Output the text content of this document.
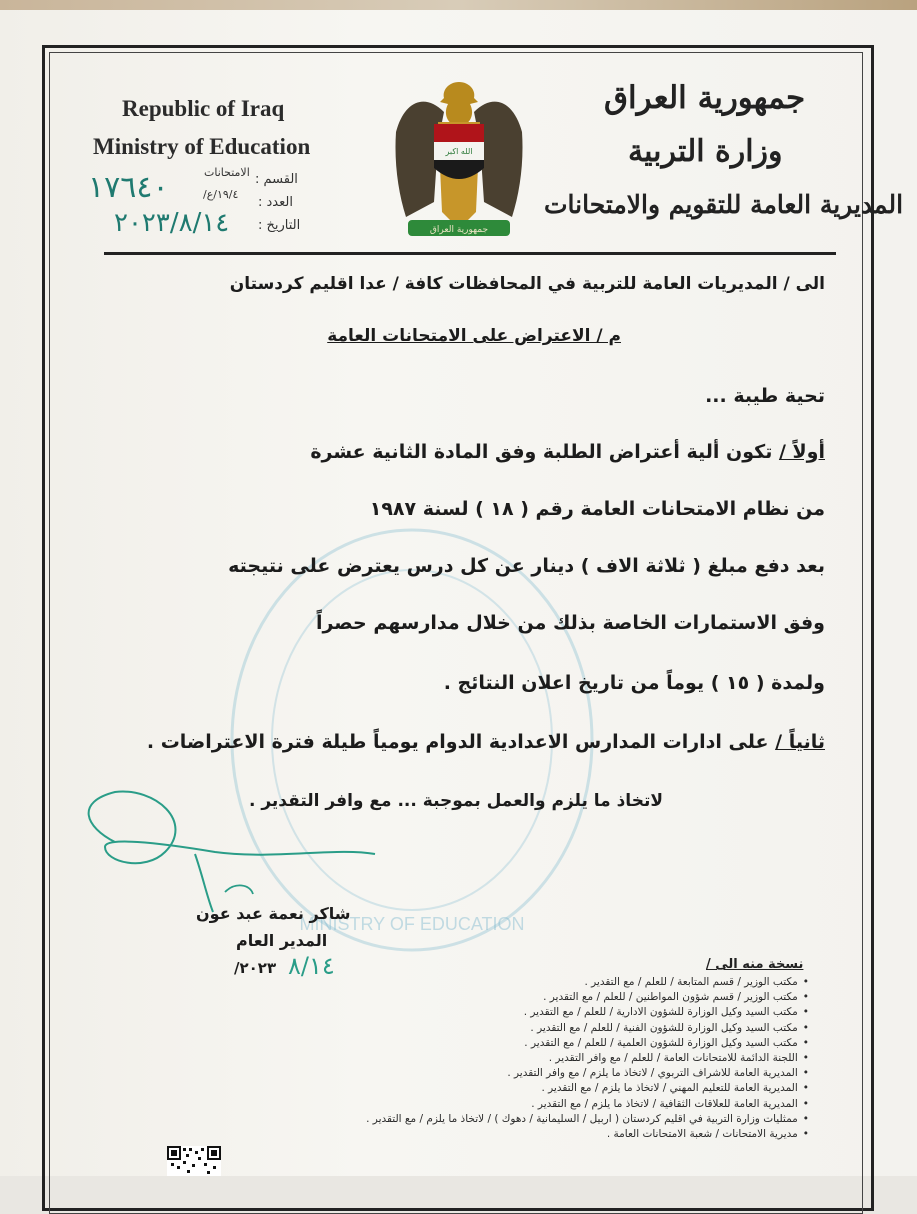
Republic of Iraq
Ministry of Education
القسم :
الامتحانات
العدد :
١٩/٤/ع/
١٧٦٤٠
التاريخ :
٢٠٢٣/٨/١٤
الله اكبر
جمهورية العراق
جمهورية العراق
وزارة التربية
المديرية العامة للتقويم والامتحانات
MINISTRY OF EDUCATION
الى / المديريات العامة للتربية في المحافظات كافة / عدا اقليم كردستان
م / الاعتراض على الامتحانات العامة
تحية طيبة ...
أولاً / تكون ألية أعتراض الطلبة وفق المادة الثانية عشرة
من نظام الامتحانات العامة رقم ( ١٨ ) لسنة ١٩٨٧
بعد دفع مبلغ ( ثلاثة الاف ) دينار عن كل درس يعترض على نتيجته
وفق الاستمارات الخاصة بذلك من خلال مدارسهم حصراً
ولمدة ( ١٥ ) يوماً من تاريخ اعلان النتائج .
ثانياً / على ادارات المدارس الاعدادية الدوام يومياً طيلة فترة الاعتراضات .
لاتخاذ ما يلزم والعمل بموجبة ... مع وافر التقدير .
شاكر نعمة عبد عون
المدير العام
٢٠٢٣/ ٨/١٤	نسخة منه الى /
• مكتب الوزير / قسم المتابعة / للعلم / مع التقدير .
• مكتب الوزير / قسم شؤون المواطنين / للعلم / مع التقدير .
• مكتب السيد وكيل الوزارة للشؤون الادارية / للعلم / مع التقدير .
• مكتب السيد وكيل الوزارة للشؤون الفنية / للعلم / مع التقدير .
• مكتب السيد وكيل الوزارة للشؤون العلمية / للعلم / مع التقدير .
• اللجنة الدائمة للامتحانات العامة / للعلم / مع وافر التقدير .
• المديرية العامة للاشراف التربوي / لاتخاذ ما يلزم / مع وافر التقدير .
• المديرية العامة للتعليم المهني / لاتخاذ ما يلزم / مع التقدير .
• المديرية العامة للعلاقات الثقافية / لاتخاذ ما يلزم / مع التقدير .
• ممثليات وزارة التربية في اقليم كردستان ( اربيل / السليمانية / دهوك ) / لاتخاذ ما يلزم / مع التقدير .
• مديرية الامتحانات / شعبة الامتحانات العامة .
